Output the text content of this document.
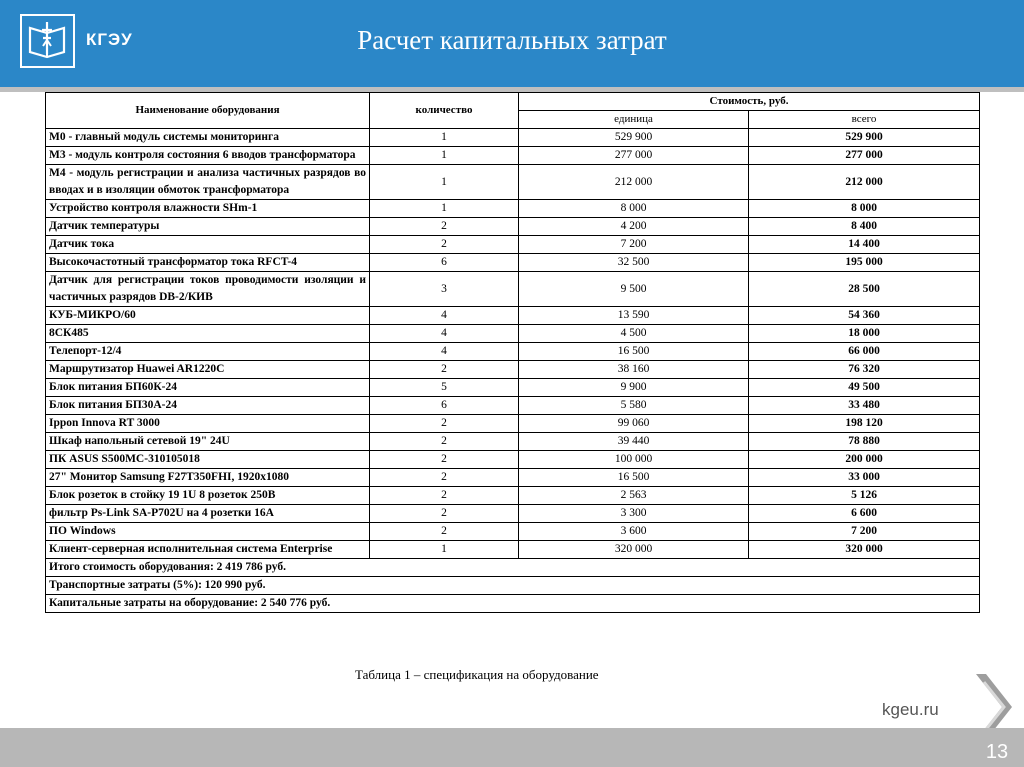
КГЭУ	Расчет капитальных затрат
Наименование оборудования	количество	Стоимость, руб.	
		единица	всего
М0 - главный модуль системы мониторинга	1	529 900	529 900
М3 - модуль контроля состояния 6 вводов трансформатора	1	277 000	277 000
М4 - модуль регистрации и анализа частичных разрядов во вводах и в изоляции обмоток трансформатора	1	212 000	212 000
Устройство контроля влажности SHm-1	1	8 000	8 000
Датчик температуры	2	4 200	8 400
Датчик тока	2	7 200	14 400
Высокочастотный трансформатор тока RFCT-4	6	32 500	195 000
Датчик для регистрации токов проводимости изоляции и частичных разрядов DB-2/КИВ	3	9 500	28 500
КУБ-МИКРО/60	4	13 590	54 360
8СК485	4	4 500	18 000
Телепорт-12/4	4	16 500	66 000
Маршрутизатор Huawei AR1220C	2	38 160	76 320
Блок питания БП60К-24	5	9 900	49 500
Блок питания БП30А-24	6	5 580	33 480
Ippon Innova RT 3000	2	99 060	198 120
Шкаф напольный сетевой 19" 24U	2	39 440	78 880
ПК ASUS S500MC-310105018	2	100 000	200 000
27" Монитор Samsung F27T350FHI, 1920x1080	2	16 500	33 000
Блок розеток в стойку 19 1U 8 розеток 250В	2	2 563	5 126
фильтр Ps-Link SA-P702U на 4 розетки 16А	2	3 300	6 600
ПО Windows	2	3 600	7 200
Клиент-серверная исполнительная система Enterprise	1	320 000	320 000
Итого стоимость оборудования: 2 419 786 руб.			
Транспортные затраты (5%): 120 990 руб.			
Капитальные затраты на оборудование: 2 540 776 руб.			
Таблица 1 – спецификация на оборудование
kgeu.ru
13
